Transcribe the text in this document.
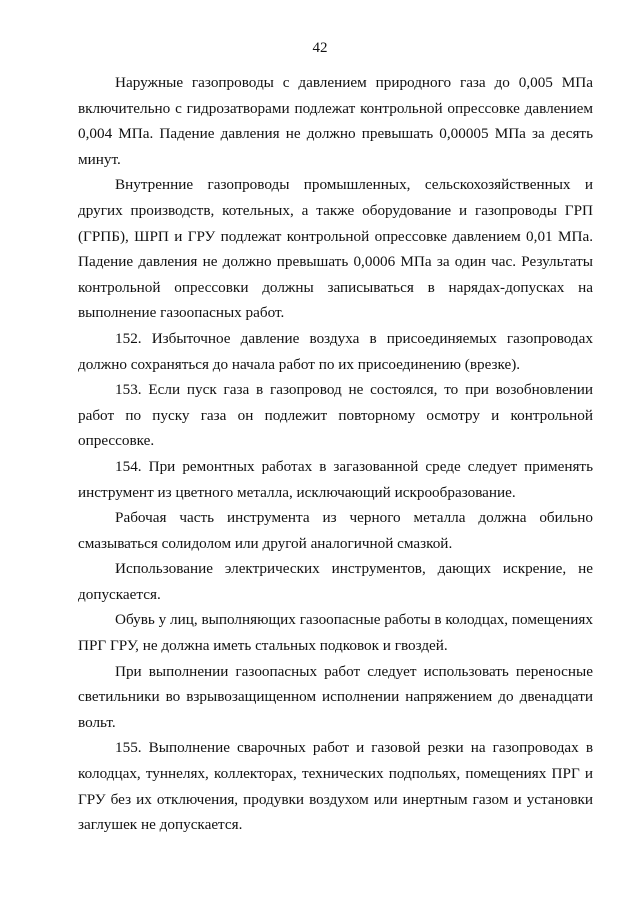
42

Наружные газопроводы с давлением природного газа до 0,005 МПа включительно с гидрозатворами подлежат контрольной опрессовке давлением 0,004 МПа. Падение давления не должно превышать 0,00005 МПа за десять минут.

Внутренние газопроводы промышленных, сельскохозяйственных и других производств, котельных, а также оборудование и газопроводы ГРП (ГРПБ), ШРП и ГРУ подлежат контрольной опрессовке давлением 0,01 МПа. Падение давления не должно превышать 0,0006 МПа за один час. Результаты контрольной опрессовки должны записываться в нарядах-допусках на выполнение газоопасных работ.

152. Избыточное давление воздуха в присоединяемых газопроводах должно сохраняться до начала работ по их присоединению (врезке).

153. Если пуск газа в газопровод не состоялся, то при возобновлении работ по пуску газа он подлежит повторному осмотру и контрольной опрессовке.

154. При ремонтных работах в загазованной среде следует применять инструмент из цветного металла, исключающий искрообразование.

Рабочая часть инструмента из черного металла должна обильно смазываться солидолом или другой аналогичной смазкой.

Использование электрических инструментов, дающих искрение, не допускается.

Обувь у лиц, выполняющих газоопасные работы в колодцах, помещениях ПРГ ГРУ, не должна иметь стальных подковок и гвоздей.

При выполнении газоопасных работ следует использовать переносные светильники во взрывозащищенном исполнении напряжением до двенадцати вольт.

155. Выполнение сварочных работ и газовой резки на газопроводах в колодцах, туннелях, коллекторах, технических подпольях, помещениях ПРГ и ГРУ без их отключения, продувки воздухом или инертным газом и установки заглушек не допускается.
